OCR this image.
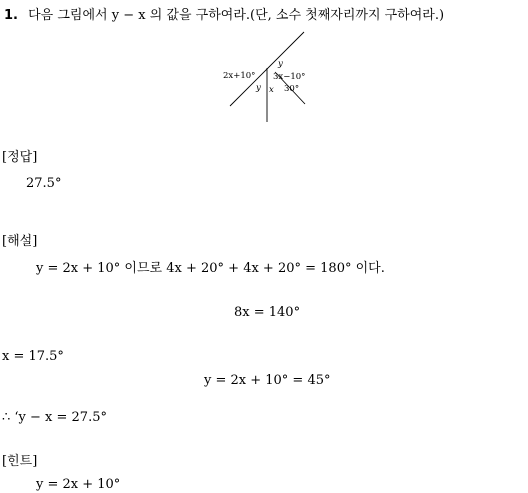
1. 다음 그림에서 y − x 의 값을 구하여라.(단, 소수 첫째자리까지 구하여라.)
2x+10°
y
3x−10°
y x 30°
[정답]
27.5°
[해설]
y = 2x + 10° 이므로 4x + 20° + 4x + 20° = 180° 이다.
8x = 140°
x = 17.5°
y = 2x + 10° = 45°
∴ ‘y − x = 27.5°
[힌트]
y = 2x + 10°
